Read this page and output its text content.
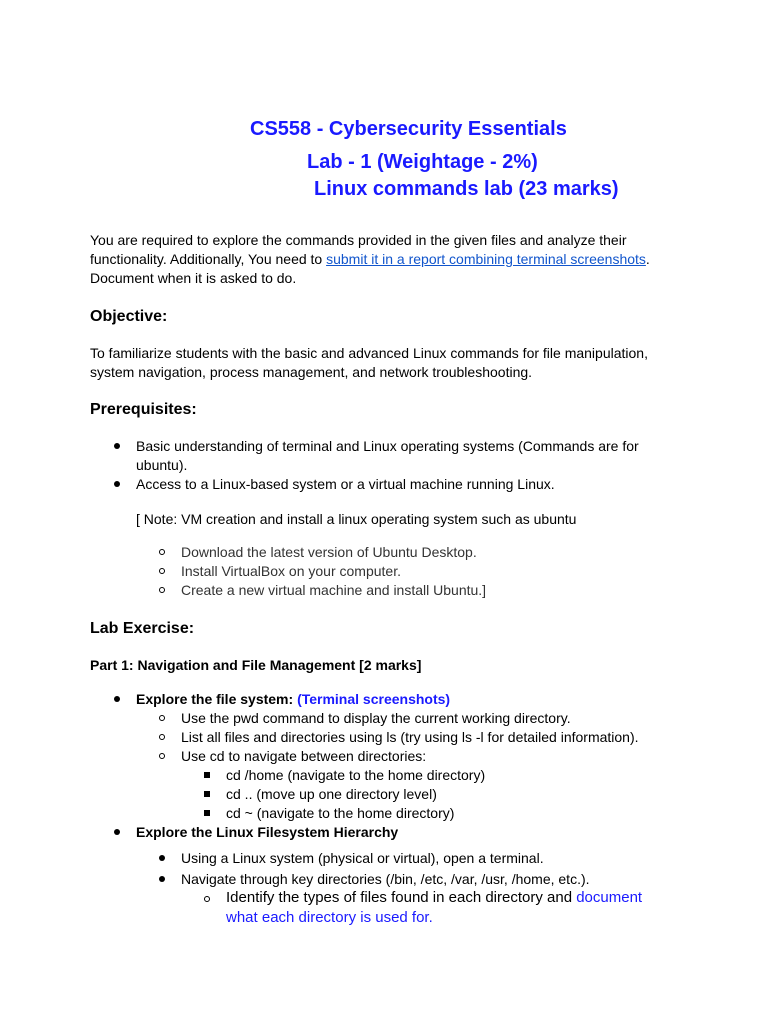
CS558 - Cybersecurity Essentials
Lab - 1 (Weightage - 2%)
Linux commands lab (23 marks)
You are required to explore the commands provided in the given files and analyze their
functionality. Additionally, You need to submit it in a report combining terminal screenshots.
Document when it is asked to do.
Objective:
To familiarize students with the basic and advanced Linux commands for file manipulation,
system navigation, process management, and network troubleshooting.
Prerequisites:
Basic understanding of terminal and Linux operating systems (Commands are for
ubuntu).
Access to a Linux-based system or a virtual machine running Linux.
[ Note: VM creation and install a linux operating system such as ubuntu
Download the latest version of Ubuntu Desktop.
Install VirtualBox on your computer.
Create a new virtual machine and install Ubuntu.]
Lab Exercise:
Part 1: Navigation and File Management [2 marks]
Explore the file system: (Terminal screenshots)
Use the pwd command to display the current working directory.
List all files and directories using ls (try using ls -l for detailed information).
Use cd to navigate between directories:
cd /home (navigate to the home directory)
cd .. (move up one directory level)
cd ~ (navigate to the home directory)
Explore the Linux Filesystem Hierarchy
Using a Linux system (physical or virtual), open a terminal.
Navigate through key directories (/bin, /etc, /var, /usr, /home, etc.).
Identify the types of files found in each directory and document
what each directory is used for.
